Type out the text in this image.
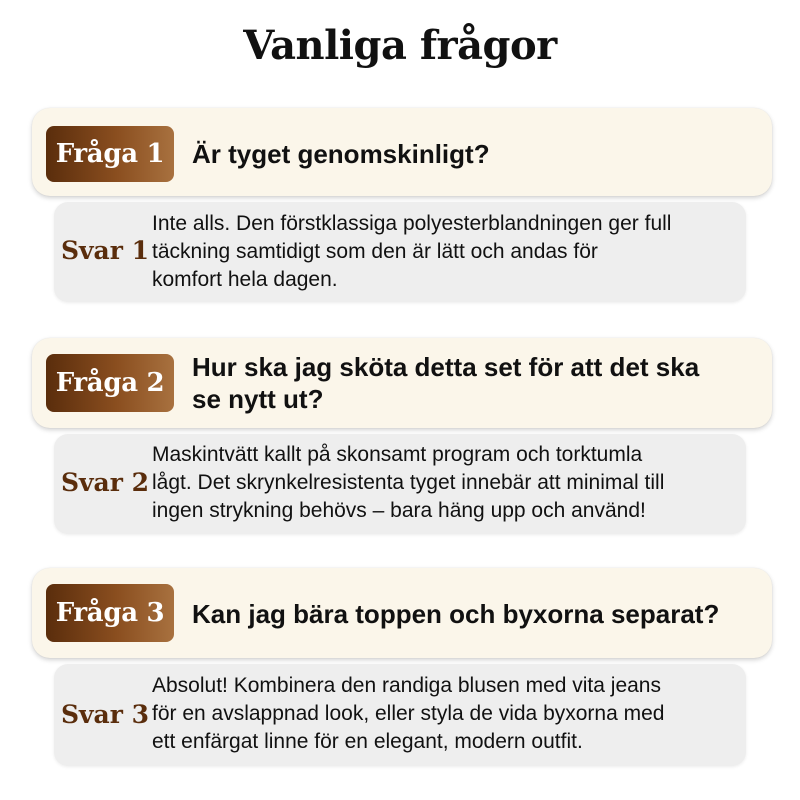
Vanliga frågor
Fråga 1	Är tyget genomskinligt?
Svar 1
Inte alls. Den förstklassiga polyesterblandningen ger full
täckning samtidigt som den är lätt och andas för
komfort hela dagen.
Fråga 2
Hur ska jag sköta detta set för att det ska
se nytt ut?
Svar 2
Maskintvätt kallt på skonsamt program och torktumla
lågt. Det skrynkelresistenta tyget innebär att minimal till
ingen strykning behövs – bara häng upp och använd!
Fråga 3	Kan jag bära toppen och byxorna separat?
Svar 3
Absolut! Kombinera den randiga blusen med vita jeans
för en avslappnad look, eller styla de vida byxorna med
ett enfärgat linne för en elegant, modern outfit.
